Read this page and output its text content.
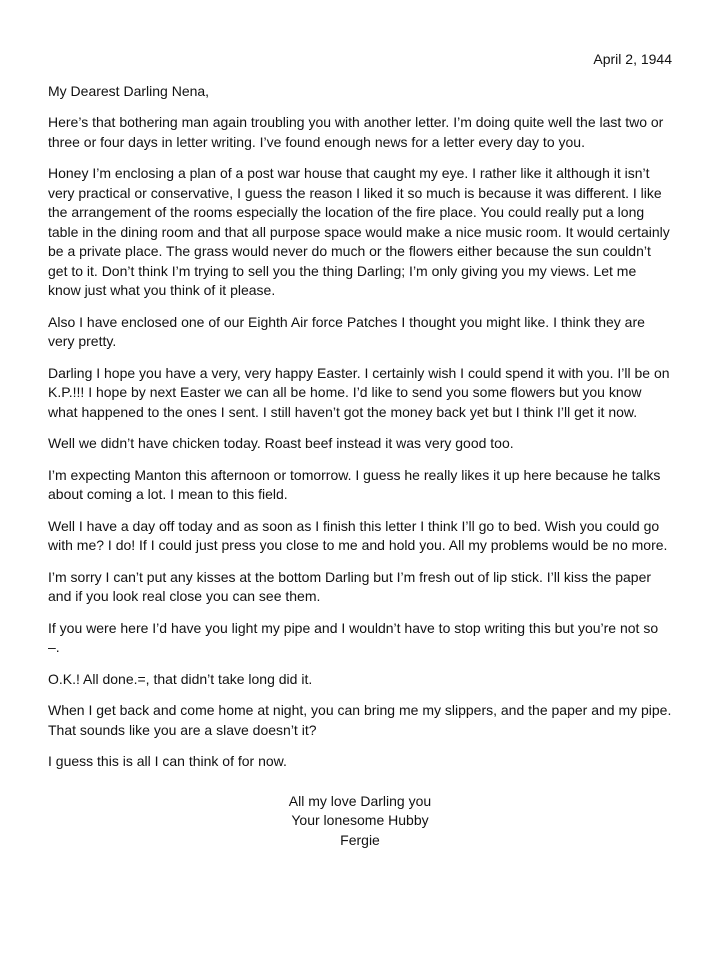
April 2, 1944
My Dearest Darling Nena,
Here’s that bothering man again troubling you with another letter. I’m doing quite well the last two or three or four days in letter writing. I’ve found enough news for a letter every day to you.
Honey I’m enclosing a plan of a post war house that caught my eye. I rather like it although it isn’t very practical or conservative, I guess the reason I liked it so much is because it was different. I like the arrangement of the rooms especially the location of the fire place. You could really put a long table in the dining room and that all purpose space would make a nice music room. It would certainly be a private place. The grass would never do much or the flowers either because the sun couldn’t get to it. Don’t think I’m trying to sell you the thing Darling; I’m only giving you my views. Let me know just what you think of it please.
Also I have enclosed one of our Eighth Air force Patches I thought you might like. I think they are very pretty.
Darling I hope you have a very, very happy Easter. I certainly wish I could spend it with you. I’ll be on K.P.!!! I hope by next Easter we can all be home. I’d like to send you some flowers but you know what happened to the ones I sent. I still haven’t got the money back yet but I think I’ll get it now.
Well we didn’t have chicken today. Roast beef instead it was very good too.
I’m expecting Manton this afternoon or tomorrow. I guess he really likes it up here because he talks about coming a lot. I mean to this field.
Well I have a day off today and as soon as I finish this letter I think I’ll go to bed. Wish you could go with me? I do! If I could just press you close to me and hold you. All my problems would be no more.
I’m sorry I can’t put any kisses at the bottom Darling but I’m fresh out of lip stick. I’ll kiss the paper and if you look real close you can see them.
If you were here I’d have you light my pipe and I wouldn’t have to stop writing this but you’re not so –.
O.K.! All done.=, that didn’t take long did it.
When I get back and come home at night, you can bring me my slippers, and the paper and my pipe. That sounds like you are a slave doesn’t it?
I guess this is all I can think of for now.
All my love Darling you
Your lonesome Hubby
Fergie
